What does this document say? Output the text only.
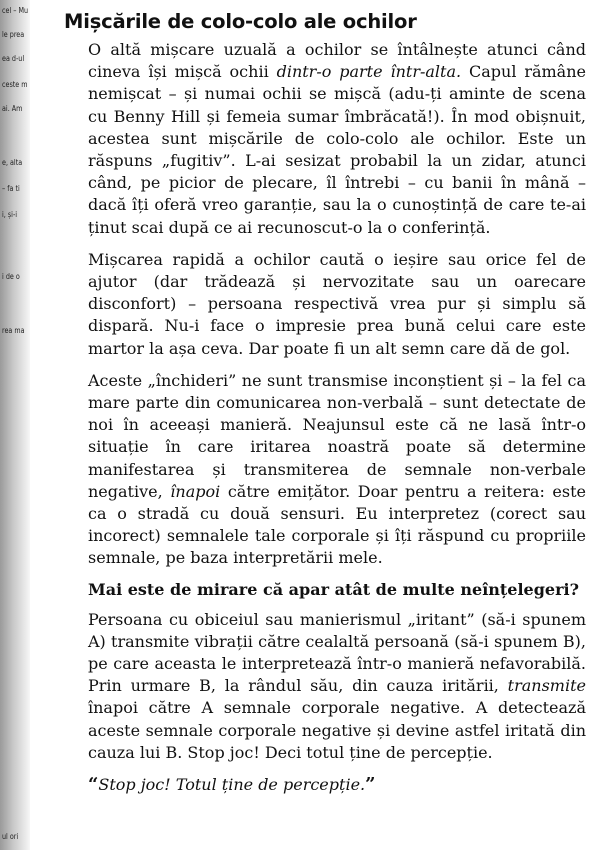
cel – Mu
le prea
ea d-ul
ceste m
ai. Am
e, alta
– fa ti
i, și-i
i de o
rea ma
ul ori
Mișcările de colo-colo ale ochilor

O altă mișcare uzuală a ochilor se întâlnește atunci când cineva își mișcă ochii dintr-o parte într-alta. Capul rămâne nemișcat – și numai ochii se mișcă (adu-ți aminte de scena cu Benny Hill și femeia sumar îmbrăcată!). În mod obișnuit, acestea sunt mișcările de colo-colo ale ochilor. Este un răspuns „fugitiv”. L-ai sesizat probabil la un zidar, atunci când, pe picior de plecare, îl întrebi – cu banii în mână – dacă îți oferă vreo garanție, sau la o cunoștință de care te-ai ținut scai după ce ai recunoscut-o la o conferință.

Mișcarea rapidă a ochilor caută o ieșire sau orice fel de ajutor (dar trădează și nervozitate sau un oarecare disconfort) – persoana respectivă vrea pur și simplu să dispară. Nu-i face o impresie prea bună celui care este martor la așa ceva. Dar poate fi un alt semn care dă de gol.

Aceste „închideri” ne sunt transmise inconștient și – la fel ca mare parte din comunicarea non-verbală – sunt detectate de noi în aceeași manieră. Neajunsul este că ne lasă într-o situație în care iritarea noastră poate să determine manifestarea și transmiterea de semnale non-verbale negative, înapoi către emițător. Doar pentru a reitera: este ca o stradă cu două sensuri. Eu interpretez (corect sau incorect) semnalele tale corporale și îți răspund cu propriile semnale, pe baza interpretării mele.

Mai este de mirare că apar atât de multe neînțelegeri?

Persoana cu obiceiul sau manierismul „iritant” (să-i spunem A) transmite vibrații către cealaltă persoană (să-i spunem B), pe care aceasta le interpretează într-o manieră nefavorabilă. Prin urmare B, la rândul său, din cauza iritării, transmite înapoi către A semnale corporale negative. A detectează aceste semnale corporale negative și devine astfel iritată din cauza lui B. Stop joc! Deci totul ține de percepție.

“Stop joc! Totul ține de percepție.”
